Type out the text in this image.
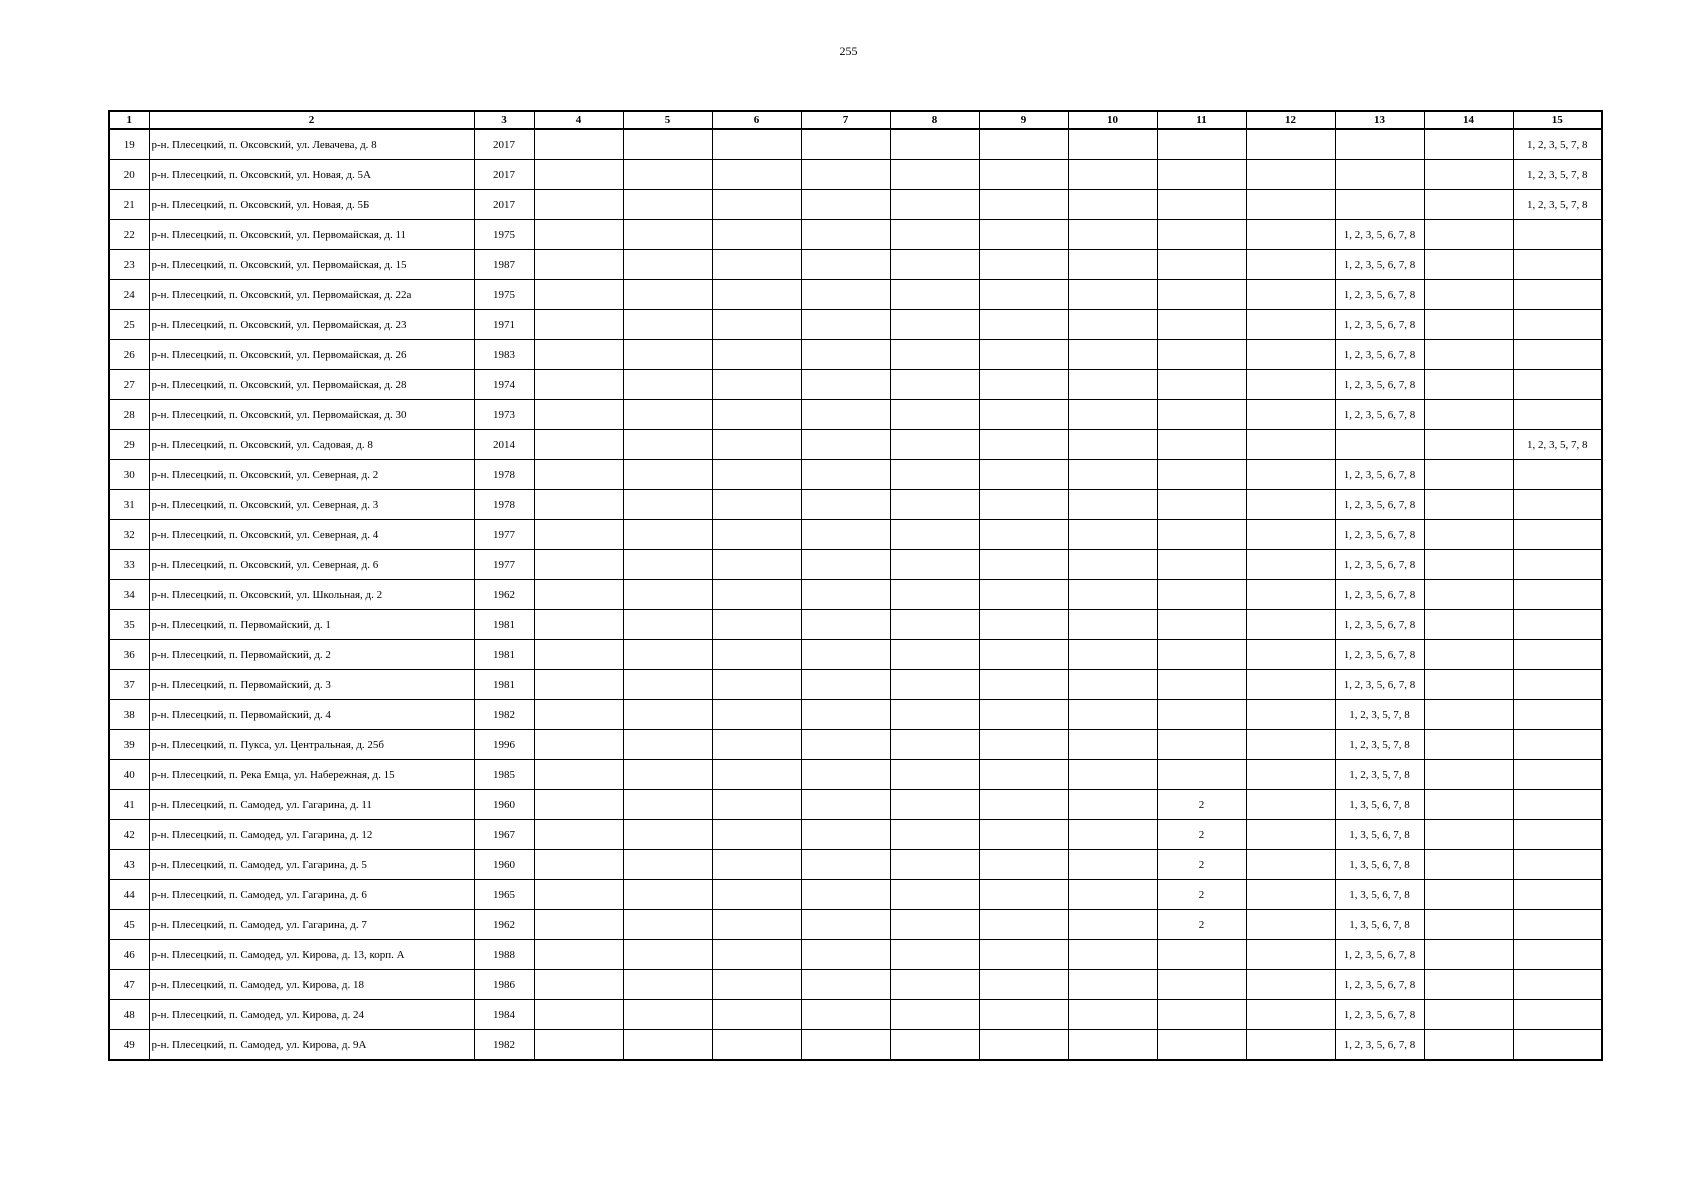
255
1	2	3	4	5	6	7	8	9	10	11	12	13	14	15
19	р-н. Плесецкий, п. Оксовский, ул. Левачева, д. 8	2017												1, 2, 3, 5, 7, 8
20	р-н. Плесецкий, п. Оксовский, ул. Новая, д. 5А	2017												1, 2, 3, 5, 7, 8
21	р-н. Плесецкий, п. Оксовский, ул. Новая, д. 5Б	2017												1, 2, 3, 5, 7, 8
22	р-н. Плесецкий, п. Оксовский, ул. Первомайская, д. 11	1975										1, 2, 3, 5, 6, 7, 8		
23	р-н. Плесецкий, п. Оксовский, ул. Первомайская, д. 15	1987										1, 2, 3, 5, 6, 7, 8		
24	р-н. Плесецкий, п. Оксовский, ул. Первомайская, д. 22а	1975										1, 2, 3, 5, 6, 7, 8		
25	р-н. Плесецкий, п. Оксовский, ул. Первомайская, д. 23	1971										1, 2, 3, 5, 6, 7, 8		
26	р-н. Плесецкий, п. Оксовский, ул. Первомайская, д. 26	1983										1, 2, 3, 5, 6, 7, 8		
27	р-н. Плесецкий, п. Оксовский, ул. Первомайская, д. 28	1974										1, 2, 3, 5, 6, 7, 8		
28	р-н. Плесецкий, п. Оксовский, ул. Первомайская, д. 30	1973										1, 2, 3, 5, 6, 7, 8		
29	р-н. Плесецкий, п. Оксовский, ул. Садовая, д. 8	2014												1, 2, 3, 5, 7, 8
30	р-н. Плесецкий, п. Оксовский, ул. Северная, д. 2	1978										1, 2, 3, 5, 6, 7, 8		
31	р-н. Плесецкий, п. Оксовский, ул. Северная, д. 3	1978										1, 2, 3, 5, 6, 7, 8		
32	р-н. Плесецкий, п. Оксовский, ул. Северная, д. 4	1977										1, 2, 3, 5, 6, 7, 8		
33	р-н. Плесецкий, п. Оксовский, ул. Северная, д. 6	1977										1, 2, 3, 5, 6, 7, 8		
34	р-н. Плесецкий, п. Оксовский, ул. Школьная, д. 2	1962										1, 2, 3, 5, 6, 7, 8		
35	р-н. Плесецкий, п. Первомайский, д. 1	1981										1, 2, 3, 5, 6, 7, 8		
36	р-н. Плесецкий, п. Первомайский, д. 2	1981										1, 2, 3, 5, 6, 7, 8		
37	р-н. Плесецкий, п. Первомайский, д. 3	1981										1, 2, 3, 5, 6, 7, 8		
38	р-н. Плесецкий, п. Первомайский, д. 4	1982										1, 2, 3, 5, 7, 8		
39	р-н. Плесецкий, п. Пукса, ул. Центральная, д. 25б	1996										1, 2, 3, 5, 7, 8		
40	р-н. Плесецкий, п. Река Емца, ул. Набережная, д. 15	1985										1, 2, 3, 5, 7, 8		
41	р-н. Плесецкий, п. Самодед, ул. Гагарина, д. 11	1960								2		1, 3, 5, 6, 7, 8		
42	р-н. Плесецкий, п. Самодед, ул. Гагарина, д. 12	1967								2		1, 3, 5, 6, 7, 8		
43	р-н. Плесецкий, п. Самодед, ул. Гагарина, д. 5	1960								2		1, 3, 5, 6, 7, 8		
44	р-н. Плесецкий, п. Самодед, ул. Гагарина, д. 6	1965								2		1, 3, 5, 6, 7, 8		
45	р-н. Плесецкий, п. Самодед, ул. Гагарина, д. 7	1962								2		1, 3, 5, 6, 7, 8		
46	р-н. Плесецкий, п. Самодед, ул. Кирова, д. 13, корп. А	1988										1, 2, 3, 5, 6, 7, 8		
47	р-н. Плесецкий, п. Самодед, ул. Кирова, д. 18	1986										1, 2, 3, 5, 6, 7, 8		
48	р-н. Плесецкий, п. Самодед, ул. Кирова, д. 24	1984										1, 2, 3, 5, 6, 7, 8		
49	р-н. Плесецкий, п. Самодед, ул. Кирова, д. 9А	1982										1, 2, 3, 5, 6, 7, 8		
